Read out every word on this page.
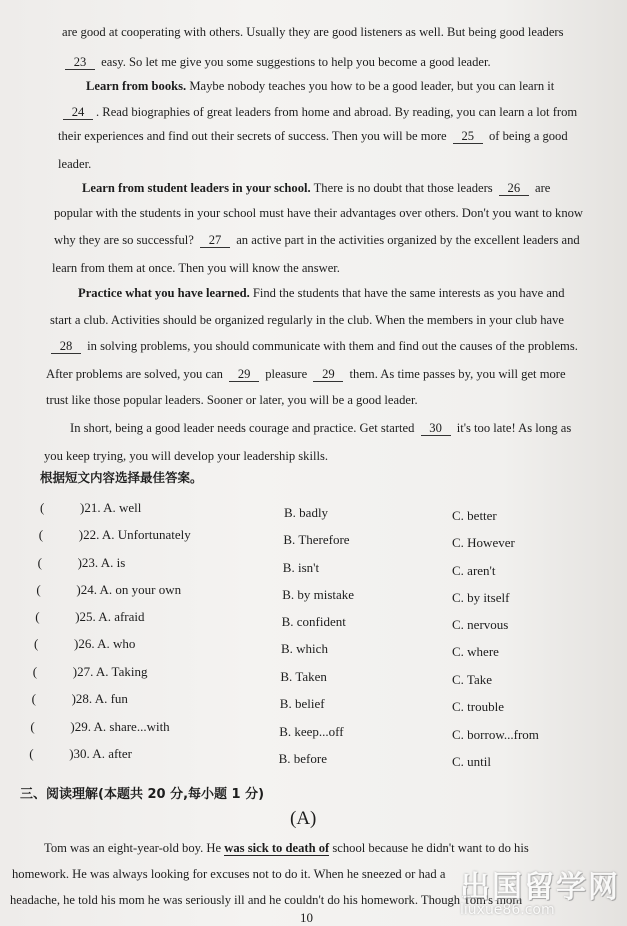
are good at cooperating with others. Usually they are good listeners as well. But being good leaders
23 easy. So let me give you some suggestions to help you become a good leader.
Learn from books. Maybe nobody teaches you how to be a good leader, but you can learn it
24 . Read biographies of great leaders from home and abroad. By reading, you can learn a lot from
their experiences and find out their secrets of success. Then you will be more 25 of being a good
leader.
Learn from student leaders in your school. There is no doubt that those leaders 26 are
popular with the students in your school must have their advantages over others. Don't you want to know
why they are so successful? 27 an active part in the activities organized by the excellent leaders and
learn from them at once. Then you will know the answer.
Practice what you have learned. Find the students that have the same interests as you have and
start a club. Activities should be organized regularly in the club. When the members in your club have
28 in solving problems, you should communicate with them and find out the causes of the problems.
After problems are solved, you can 29 pleasure 29 them. As time passes by, you will get more
trust like those popular leaders. Sooner or later, you will be a good leader.
In short, being a good leader needs courage and practice. Get started 30 it's too late! As long as
you keep trying, you will develop your leadership skills.
根据短文内容选择最佳答案。
(	)21. A. well	B. badly	C. better
(	)22. A. Unfortunately	B. Therefore	C. However
(	)23. A. is	B. isn't	C. aren't
(	)24. A. on your own	B. by mistake	C. by itself
(	)25. A. afraid	B. confident	C. nervous
(	)26. A. who	B. which	C. where
(	)27. A. Taking	B. Taken	C. Take
(	)28. A. fun	B. belief	C. trouble
(	)29. A. share...with	B. keep...off	C. borrow...from
(	)30. A. after	B. before	C. until
三、阅读理解(本题共 20 分,每小题 1 分)
(A)
Tom was an eight-year-old boy. He was sick to death of school because he didn't want to do his
homework. He was always looking for excuses not to do it. When he sneezed or had a
headache, he told his mom he was seriously ill and he couldn't do his homework. Though Tom's mom
10
出国留学网
liuxue86.com
